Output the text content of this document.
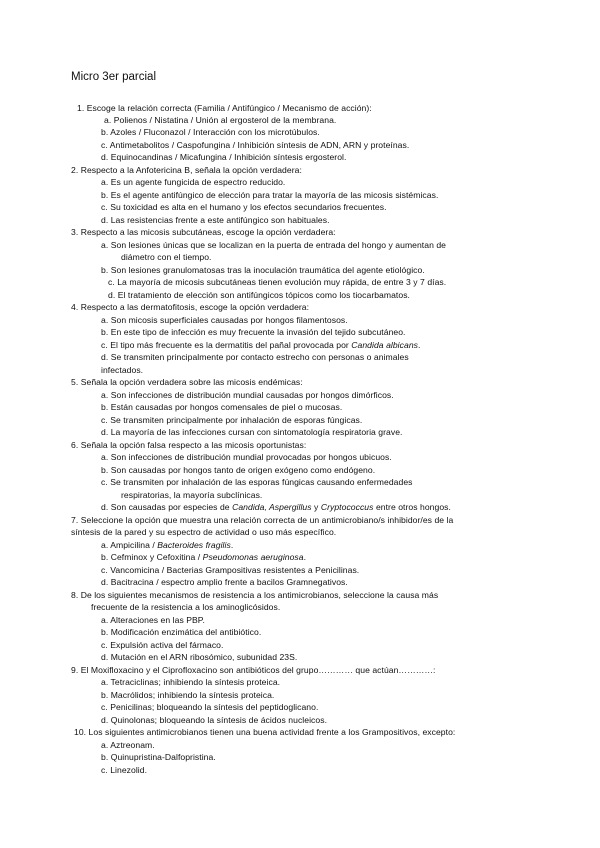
Micro 3er parcial
1. Escoge la relación correcta (Familia / Antifúngico / Mecanismo de acción):
a. Polienos / Nistatina / Unión al ergosterol de la membrana.
b. Azoles / Fluconazol / Interacción con los microtúbulos.
c. Antimetabolitos / Caspofungina / Inhibición síntesis de ADN, ARN y proteínas.
d. Equinocandinas / Micafungina / Inhibición síntesis ergosterol.
2. Respecto a la Anfotericina B, señala la opción verdadera:
a. Es un agente fungicida de espectro reducido.
b. Es el agente antifúngico de elección para tratar la mayoría de las micosis sistémicas.
c. Su toxicidad es alta en el humano y los efectos secundarios frecuentes.
d. Las resistencias frente a este antifúngico son habituales.
3. Respecto a las micosis subcutáneas, escoge la opción verdadera:
a. Son lesiones únicas que se localizan en la puerta de entrada del hongo y aumentan de
diámetro con el tiempo.
b. Son lesiones granulomatosas tras la inoculación traumática del agente etiológico.
c. La mayoría de micosis subcutáneas tienen evolución muy rápida, de entre 3 y 7 días.
d. El tratamiento de elección son antifúngicos tópicos como los tiocarbamatos.
4. Respecto a las dermatofitosis, escoge la opción verdadera:
a. Son micosis superficiales causadas por hongos filamentosos.
b. En este tipo de infección es muy frecuente la invasión del tejido subcutáneo.
c. El tipo más frecuente es la dermatitis del pañal provocada por Candida albicans.
d. Se transmiten principalmente por contacto estrecho con personas o animales
infectados.
5. Señala la opción verdadera sobre las micosis endémicas:
a. Son infecciones de distribución mundial causadas por hongos dimórficos.
b. Están causadas por hongos comensales de piel o mucosas.
c. Se transmiten principalmente por inhalación de esporas fúngicas.
d. La mayoría de las infecciones cursan con sintomatología respiratoria grave.
6. Señala la opción falsa respecto a las micosis oportunistas:
a. Son infecciones de distribución mundial provocadas por hongos ubicuos.
b. Son causadas por hongos tanto de origen exógeno como endógeno.
c. Se transmiten por inhalación de las esporas fúngicas causando enfermedades
respiratorias, la mayoría subclínicas.
d. Son causadas por especies de Candida, Aspergillus y Cryptococcus entre otros hongos.
7. Seleccione la opción que muestra una relación correcta de un antimicrobiano/s inhibidor/es de la
síntesis de la pared y su espectro de actividad o uso más específico.
a. Ampicilina / Bacteroides fragilis.
b. Cefminox y Cefoxitina / Pseudomonas aeruginosa.
c. Vancomicina / Bacterias Grampositivas resistentes a Penicilinas.
d. Bacitracina / espectro amplio frente a bacilos Gramnegativos.
8. De los siguientes mecanismos de resistencia a los antimicrobianos, seleccione la causa más
frecuente de la resistencia a los aminoglicósidos.
a. Alteraciones en las PBP.
b. Modificación enzimática del antibiótico.
c. Expulsión activa del fármaco.
d. Mutación en el ARN ribosómico, subunidad 23S.
9. El Moxifloxacino y el Ciprofloxacino son antibióticos del grupo………… que actúan…………:
a. Tetraciclinas; inhibiendo la síntesis proteica.
b. Macrólidos; inhibiendo la síntesis proteica.
c. Penicilinas; bloqueando la síntesis del peptidoglicano.
d. Quinolonas; bloqueando la síntesis de ácidos nucleicos.
10. Los siguientes antimicrobianos tienen una buena actividad frente a los Grampositivos, excepto:
a. Aztreonam.
b. Quinupristina-Dalfopristina.
c. Linezolid.
